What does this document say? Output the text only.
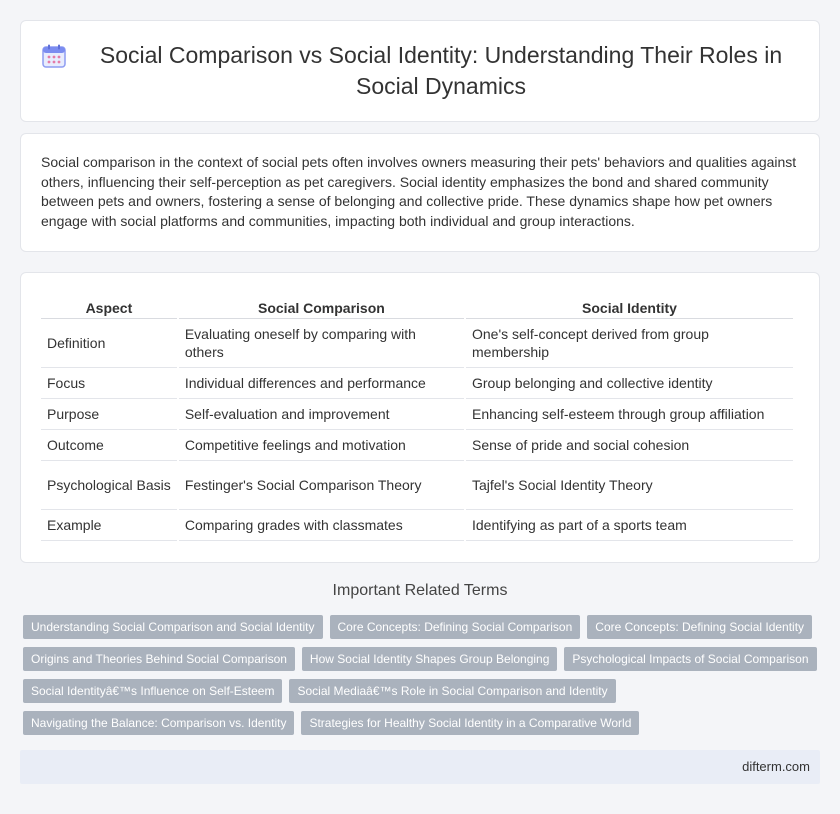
Social Comparison vs Social Identity: Understanding Their Roles in Social Dynamics

Social comparison in the context of social pets often involves owners measuring their pets' behaviors and qualities against others, influencing their self-perception as pet caregivers. Social identity emphasizes the bond and shared community between pets and owners, fostering a sense of belonging and collective pride. These dynamics shape how pet owners engage with social platforms and communities, impacting both individual and group interactions.

Aspect	Social Comparison	Social Identity
Definition	Evaluating oneself by comparing with others	One's self-concept derived from group membership
Focus	Individual differences and performance	Group belonging and collective identity
Purpose	Self-evaluation and improvement	Enhancing self-esteem through group affiliation
Outcome	Competitive feelings and motivation	Sense of pride and social cohesion
Psychological Basis	Festinger's Social Comparison Theory	Tajfel's Social Identity Theory
Example	Comparing grades with classmates	Identifying as part of a sports team
Important Related Terms
Understanding Social Comparison and Social Identity	Core Concepts: Defining Social Comparison	Core Concepts: Defining Social Identity
Origins and Theories Behind Social Comparison	How Social Identity Shapes Group Belonging	Psychological Impacts of Social Comparison
Social Identityâ€™s Influence on Self-Esteem	Social Mediaâ€™s Role in Social Comparison and Identity
Navigating the Balance: Comparison vs. Identity	Strategies for Healthy Social Identity in a Comparative World
difterm.com
